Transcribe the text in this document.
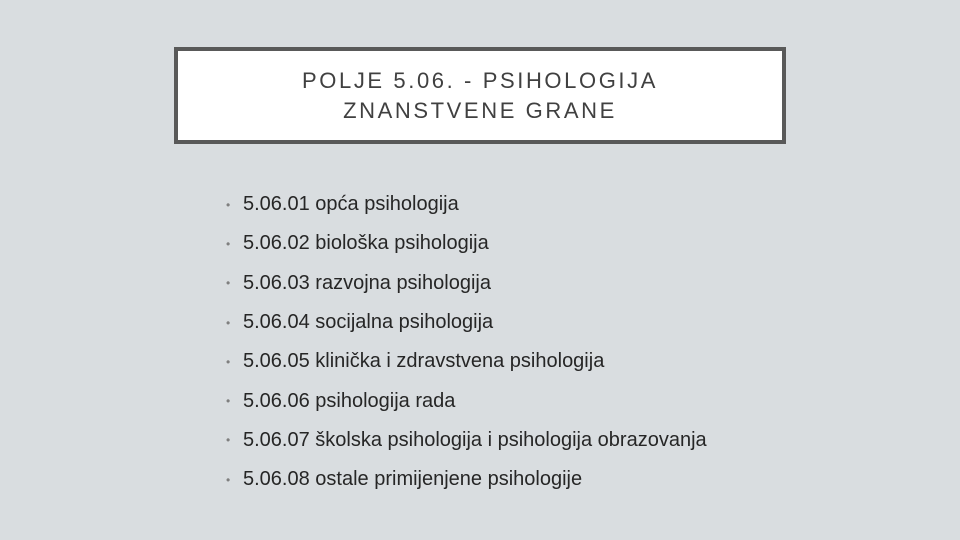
POLJE 5.06. - PSIHOLOGIJA
ZNANSTVENE GRANE
• 5.06.01 opća psihologija
• 5.06.02 biološka psihologija
• 5.06.03 razvojna psihologija
• 5.06.04 socijalna psihologija
• 5.06.05 klinička i zdravstvena psihologija
• 5.06.06 psihologija rada
• 5.06.07 školska psihologija i psihologija obrazovanja
• 5.06.08 ostale primijenjene psihologije
